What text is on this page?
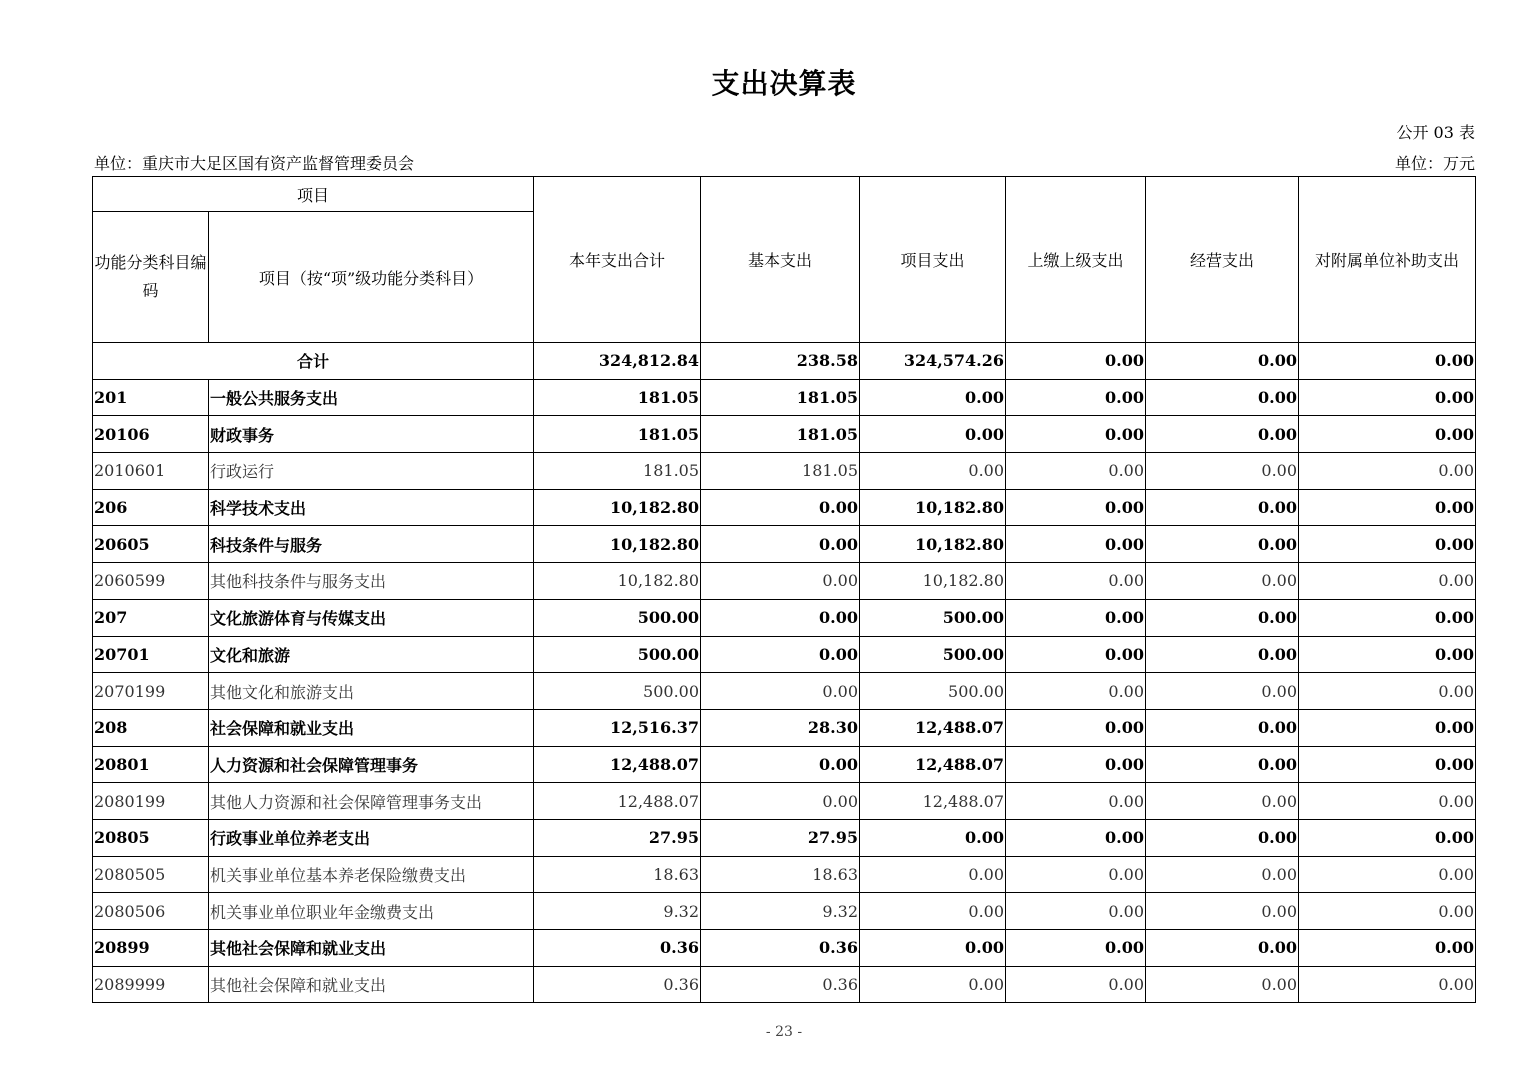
支出决算表
公开 03 表
单位：重庆市大足区国有资产监督管理委员会	单位：万元
项目		本年支出合计	基本支出	项目支出	上缴上级支出	经营支出	对附属单位补助支出
功能分类科目编码	项目（按“项”级功能分类科目）						
合计		324,812.84	238.58	324,574.26	0.00	0.00	0.00
201	一般公共服务支出	181.05	181.05	0.00	0.00	0.00	0.00
20106	财政事务	181.05	181.05	0.00	0.00	0.00	0.00
2010601	行政运行	181.05	181.05	0.00	0.00	0.00	0.00
206	科学技术支出	10,182.80	0.00	10,182.80	0.00	0.00	0.00
20605	科技条件与服务	10,182.80	0.00	10,182.80	0.00	0.00	0.00
2060599	其他科技条件与服务支出	10,182.80	0.00	10,182.80	0.00	0.00	0.00
207	文化旅游体育与传媒支出	500.00	0.00	500.00	0.00	0.00	0.00
20701	文化和旅游	500.00	0.00	500.00	0.00	0.00	0.00
2070199	其他文化和旅游支出	500.00	0.00	500.00	0.00	0.00	0.00
208	社会保障和就业支出	12,516.37	28.30	12,488.07	0.00	0.00	0.00
20801	人力资源和社会保障管理事务	12,488.07	0.00	12,488.07	0.00	0.00	0.00
2080199	其他人力资源和社会保障管理事务支出	12,488.07	0.00	12,488.07	0.00	0.00	0.00
20805	行政事业单位养老支出	27.95	27.95	0.00	0.00	0.00	0.00
2080505	机关事业单位基本养老保险缴费支出	18.63	18.63	0.00	0.00	0.00	0.00
2080506	机关事业单位职业年金缴费支出	9.32	9.32	0.00	0.00	0.00	0.00
20899	其他社会保障和就业支出	0.36	0.36	0.00	0.00	0.00	0.00
2089999	其他社会保障和就业支出	0.36	0.36	0.00	0.00	0.00	0.00
- 23 -
